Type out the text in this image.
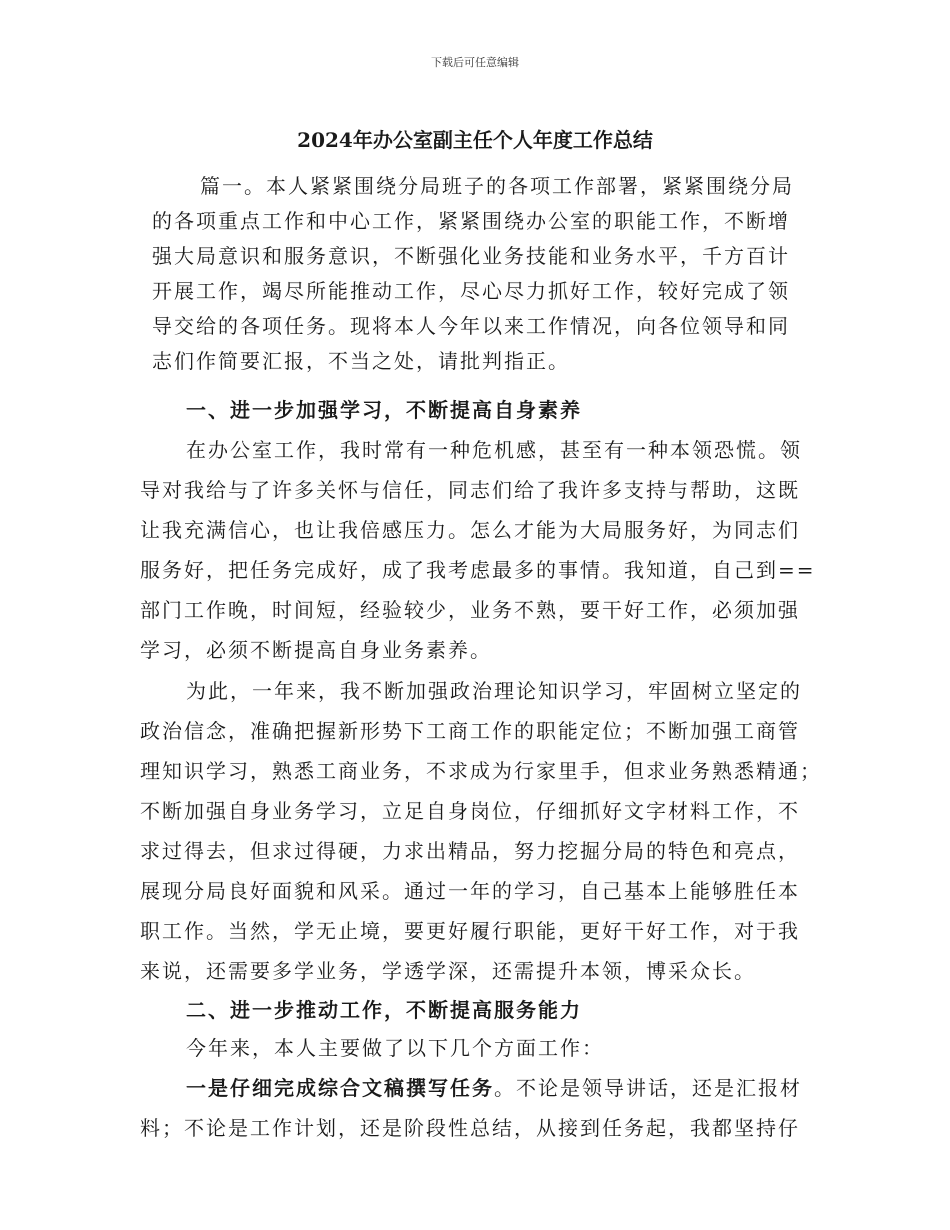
下载后可任意编辑
2024年办公室副主任个人年度工作总结
篇一。本人紧紧围绕分局班子的各项工作部署，紧紧围绕分局
的各项重点工作和中心工作，紧紧围绕办公室的职能工作，不断增
强大局意识和服务意识，不断强化业务技能和业务水平，千方百计
开展工作，竭尽所能推动工作，尽心尽力抓好工作，较好完成了领
导交给的各项任务。现将本人今年以来工作情况，向各位领导和同
志们作简要汇报，不当之处，请批判指正。
一、进一步加强学习，不断提高自身素养
在办公室工作，我时常有一种危机感，甚至有一种本领恐慌。领
导对我给与了许多关怀与信任，同志们给了我许多支持与帮助，这既
让我充满信心，也让我倍感压力。怎么才能为大局服务好，为同志们
服务好，把任务完成好，成了我考虑最多的事情。我知道，自己到==
部门工作晚，时间短，经验较少，业务不熟，要干好工作，必须加强
学习，必须不断提高自身业务素养。
为此，一年来，我不断加强政治理论知识学习，牢固树立坚定的
政治信念，准确把握新形势下工商工作的职能定位；不断加强工商管
理知识学习，熟悉工商业务，不求成为行家里手，但求业务熟悉精通；
不断加强自身业务学习，立足自身岗位，仔细抓好文字材料工作，不
求过得去，但求过得硬，力求出精品，努力挖掘分局的特色和亮点，
展现分局良好面貌和风采。通过一年的学习，自己基本上能够胜任本
职工作。当然，学无止境，要更好履行职能，更好干好工作，对于我
来说，还需要多学业务，学透学深，还需提升本领，博采众长。
二、进一步推动工作，不断提高服务能力
今年来，本人主要做了以下几个方面工作：
一是仔细完成综合文稿撰写任务。不论是领导讲话，还是汇报材
料；不论是工作计划，还是阶段性总结，从接到任务起，我都坚持仔
